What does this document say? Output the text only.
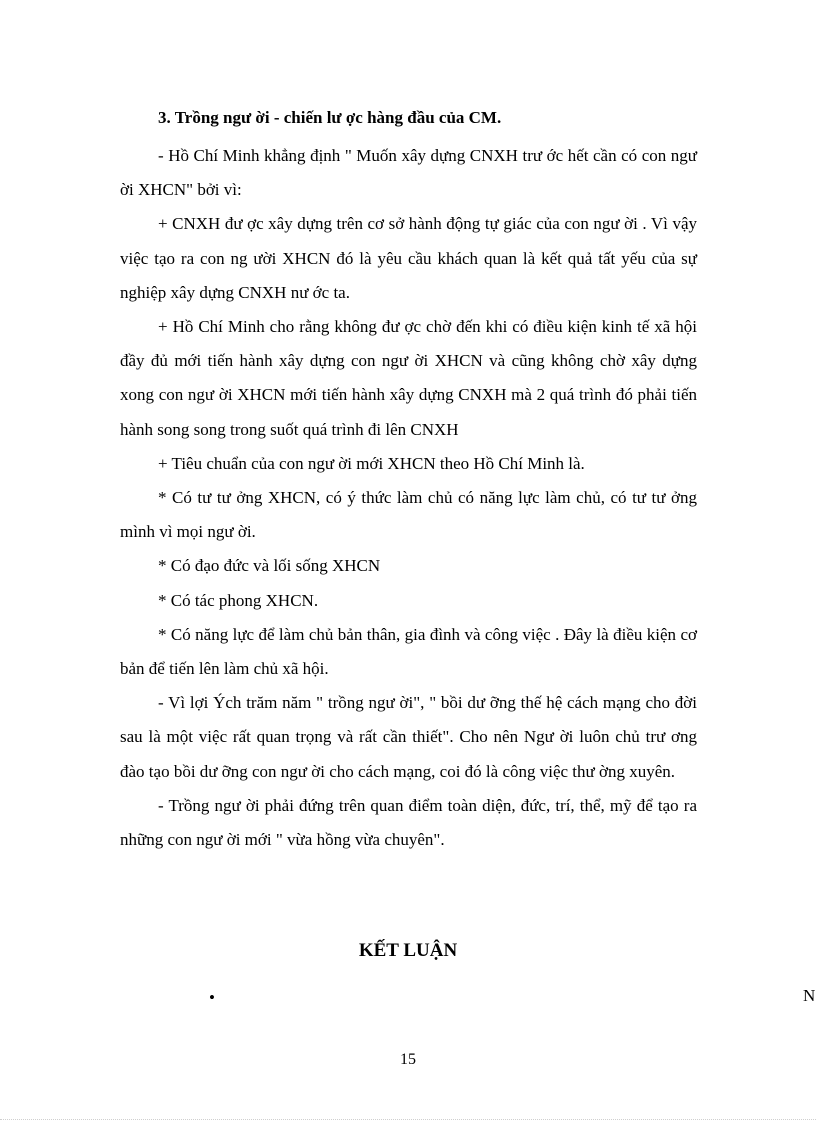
3. Trồng ngư ời - chiến lư ợc hàng đầu của CM.

- Hồ Chí Minh khẳng định " Muốn xây dựng CNXH trư ớc hết cần có con ngư ời XHCN" bởi vì:

+ CNXH đư ợc xây dựng trên cơ sở hành động tự giác của con ngư ời . Vì vậy việc tạo ra con ng ười XHCN đó là yêu cầu khách quan là kết quả tất yếu của sự nghiệp xây dựng CNXH nư ớc ta.

+ Hồ Chí Minh cho rằng không đư ợc chờ đến khi có điều kiện kinh tế xã hội đầy đủ mới tiến hành xây dựng con ngư ời XHCN và cũng không chờ xây dựng xong con ngư ời XHCN mới tiến hành xây dựng CNXH mà 2 quá trình đó phải tiến hành song song trong suốt quá trình đi lên CNXH

+ Tiêu chuẩn của con ngư ời mới XHCN theo Hồ Chí Minh là.

* Có tư tư ởng XHCN, có ý thức làm chủ có năng lực làm chủ, có tư tư ởng mình vì mọi ngư ời.

* Có đạo đức và lối sống XHCN

* Có tác phong XHCN.

* Có năng lực để làm chủ bản thân, gia đình và công việc . Đây là điều kiện cơ bản để tiến lên làm chủ xã hội.

- Vì lợi Ých trăm năm " trồng ngư ời", " bồi dư ỡng thế hệ cách mạng cho đời sau là một việc rất quan trọng và rất cần thiết". Cho nên Ngư ời luôn chủ trư ơng đào tạo bồi dư ỡng con ngư ời cho cách mạng, coi đó là công việc thư ờng xuyên.

- Trồng ngư ời phải đứng trên quan điểm toàn diện, đức, trí, thể, mỹ để tạo ra những con ngư ời mới " vừa hồng vừa chuyên".

KẾT LUẬN
•	N
15
